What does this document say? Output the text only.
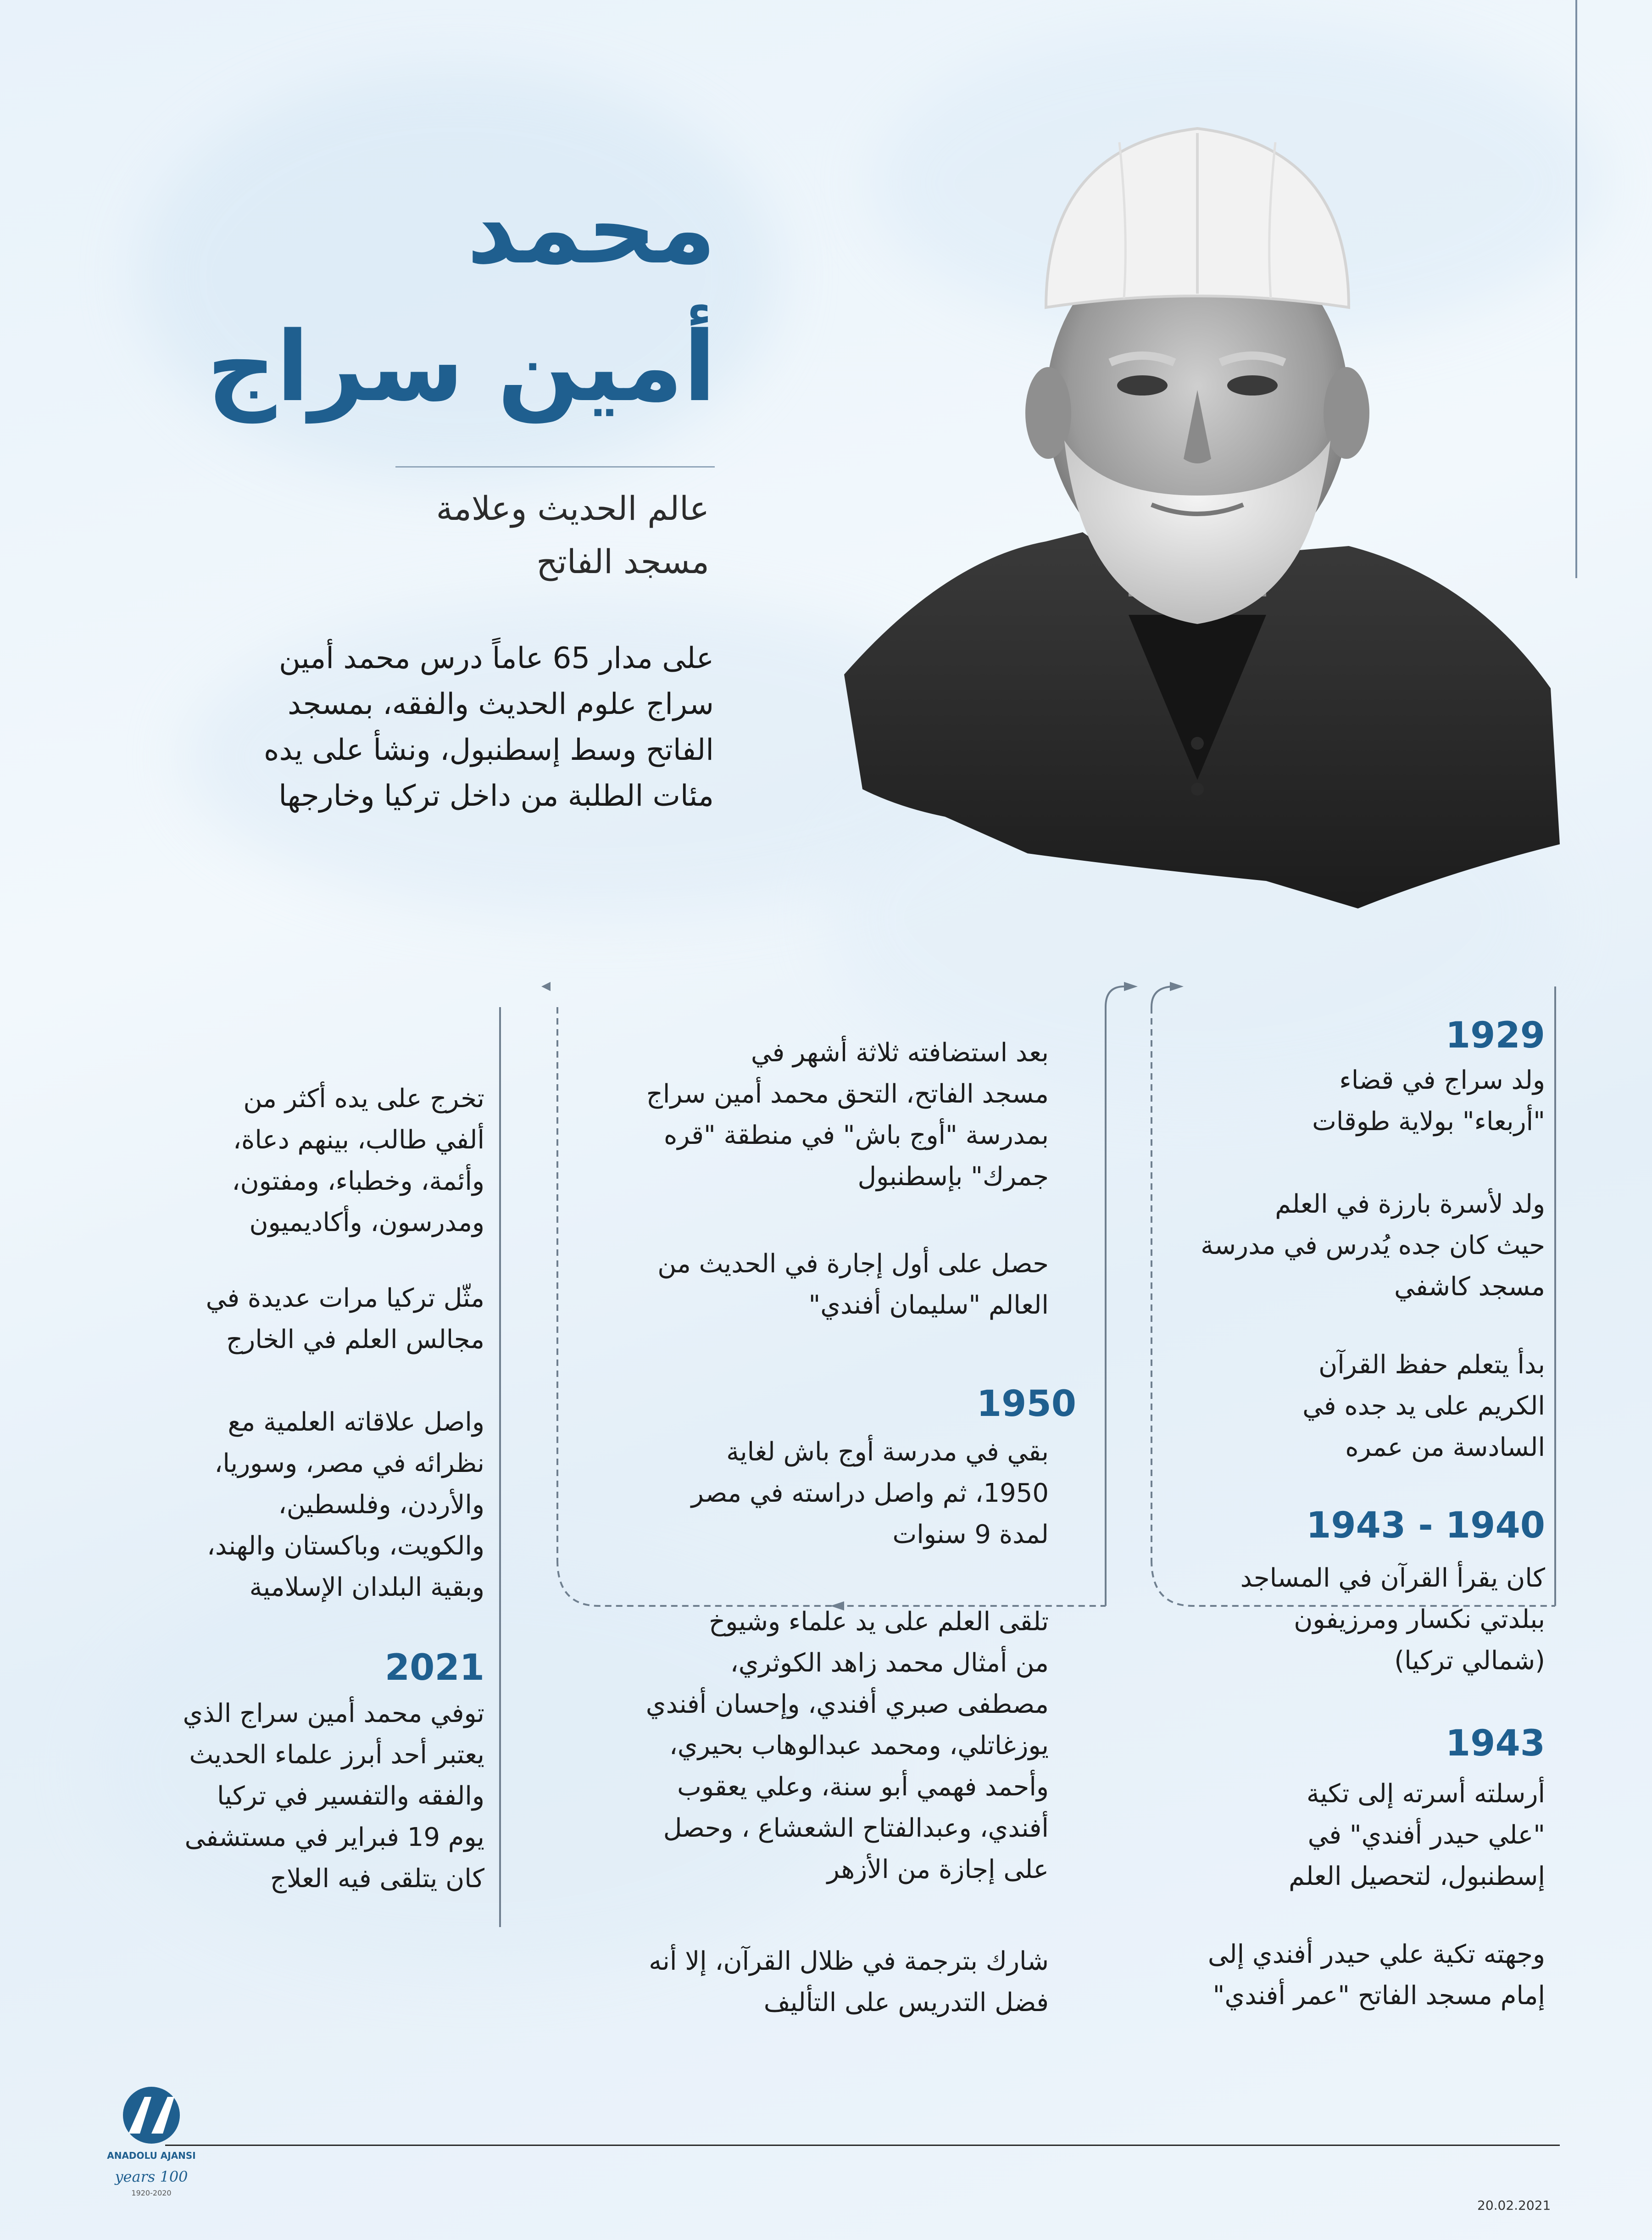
محمد
أمين سراج
عالم الحديث وعلامة
مسجد الفاتح
على مدار 65 عاماً درس محمد أمين
سراج علوم الحديث والفقه، بمسجد
الفاتح وسط إسطنبول، ونشأ على يده
مئات الطلبة من داخل تركيا وخارجها
1929
ولد سراج في قضاء
"أربعاء" بولاية طوقات
ولد لأسرة بارزة في العلم
حيث كان جده يُدرس في مدرسة
مسجد كاشفي
بدأ يتعلم حفظ القرآن
الكريم على يد جده في
السادسة من عمره
1943 - 1940
كان يقرأ القرآن في المساجد
ببلدتي نكسار ومرزيفون
(شمالي تركيا)
1943
أرسلته أسرته إلى تكية
"علي حيدر أفندي" في
إسطنبول، لتحصيل العلم
وجهته تكية علي حيدر أفندي إلى
إمام مسجد الفاتح "عمر أفندي"
بعد استضافته ثلاثة أشهر في
مسجد الفاتح، التحق محمد أمين سراج
بمدرسة "أوج باش" في منطقة "قره
جمرك" بإسطنبول
حصل على أول إجارة في الحديث من
العالم "سليمان أفندي"
1950
بقي في مدرسة أوج باش لغاية
1950، ثم واصل دراسته في مصر
لمدة 9 سنوات
تلقى العلم على يد علماء وشيوخ
من أمثال محمد زاهد الكوثري،
مصطفى صبري أفندي، وإحسان أفندي
يوزغاتلي، ومحمد عبدالوهاب بحيري،
وأحمد فهمي أبو سنة، وعلي يعقوب
أفندي، وعبدالفتاح الشعشاع ، وحصل
على إجازة من الأزهر
شارك بترجمة في ظلال القرآن، إلا أنه
فضل التدريس على التأليف
تخرج على يده أكثر من
ألفي طالب، بينهم دعاة،
وأئمة، وخطباء، ومفتون،
ومدرسون، وأكاديميون
مثّل تركيا مرات عديدة في
مجالس العلم في الخارج
واصل علاقاته العلمية مع
نظرائه في مصر، وسوريا،
والأردن، وفلسطين،
والكويت، وباكستان والهند،
وبقية البلدان الإسلامية
2021
توفي محمد أمين سراج الذي
يعتبر أحد أبرز علماء الحديث
والفقه والتفسير في تركيا
يوم 19 فبراير في مستشفى
كان يتلقى فيه العلاج
ANADOLU AJANSI
100 years
1920-2020
20.02.2021
